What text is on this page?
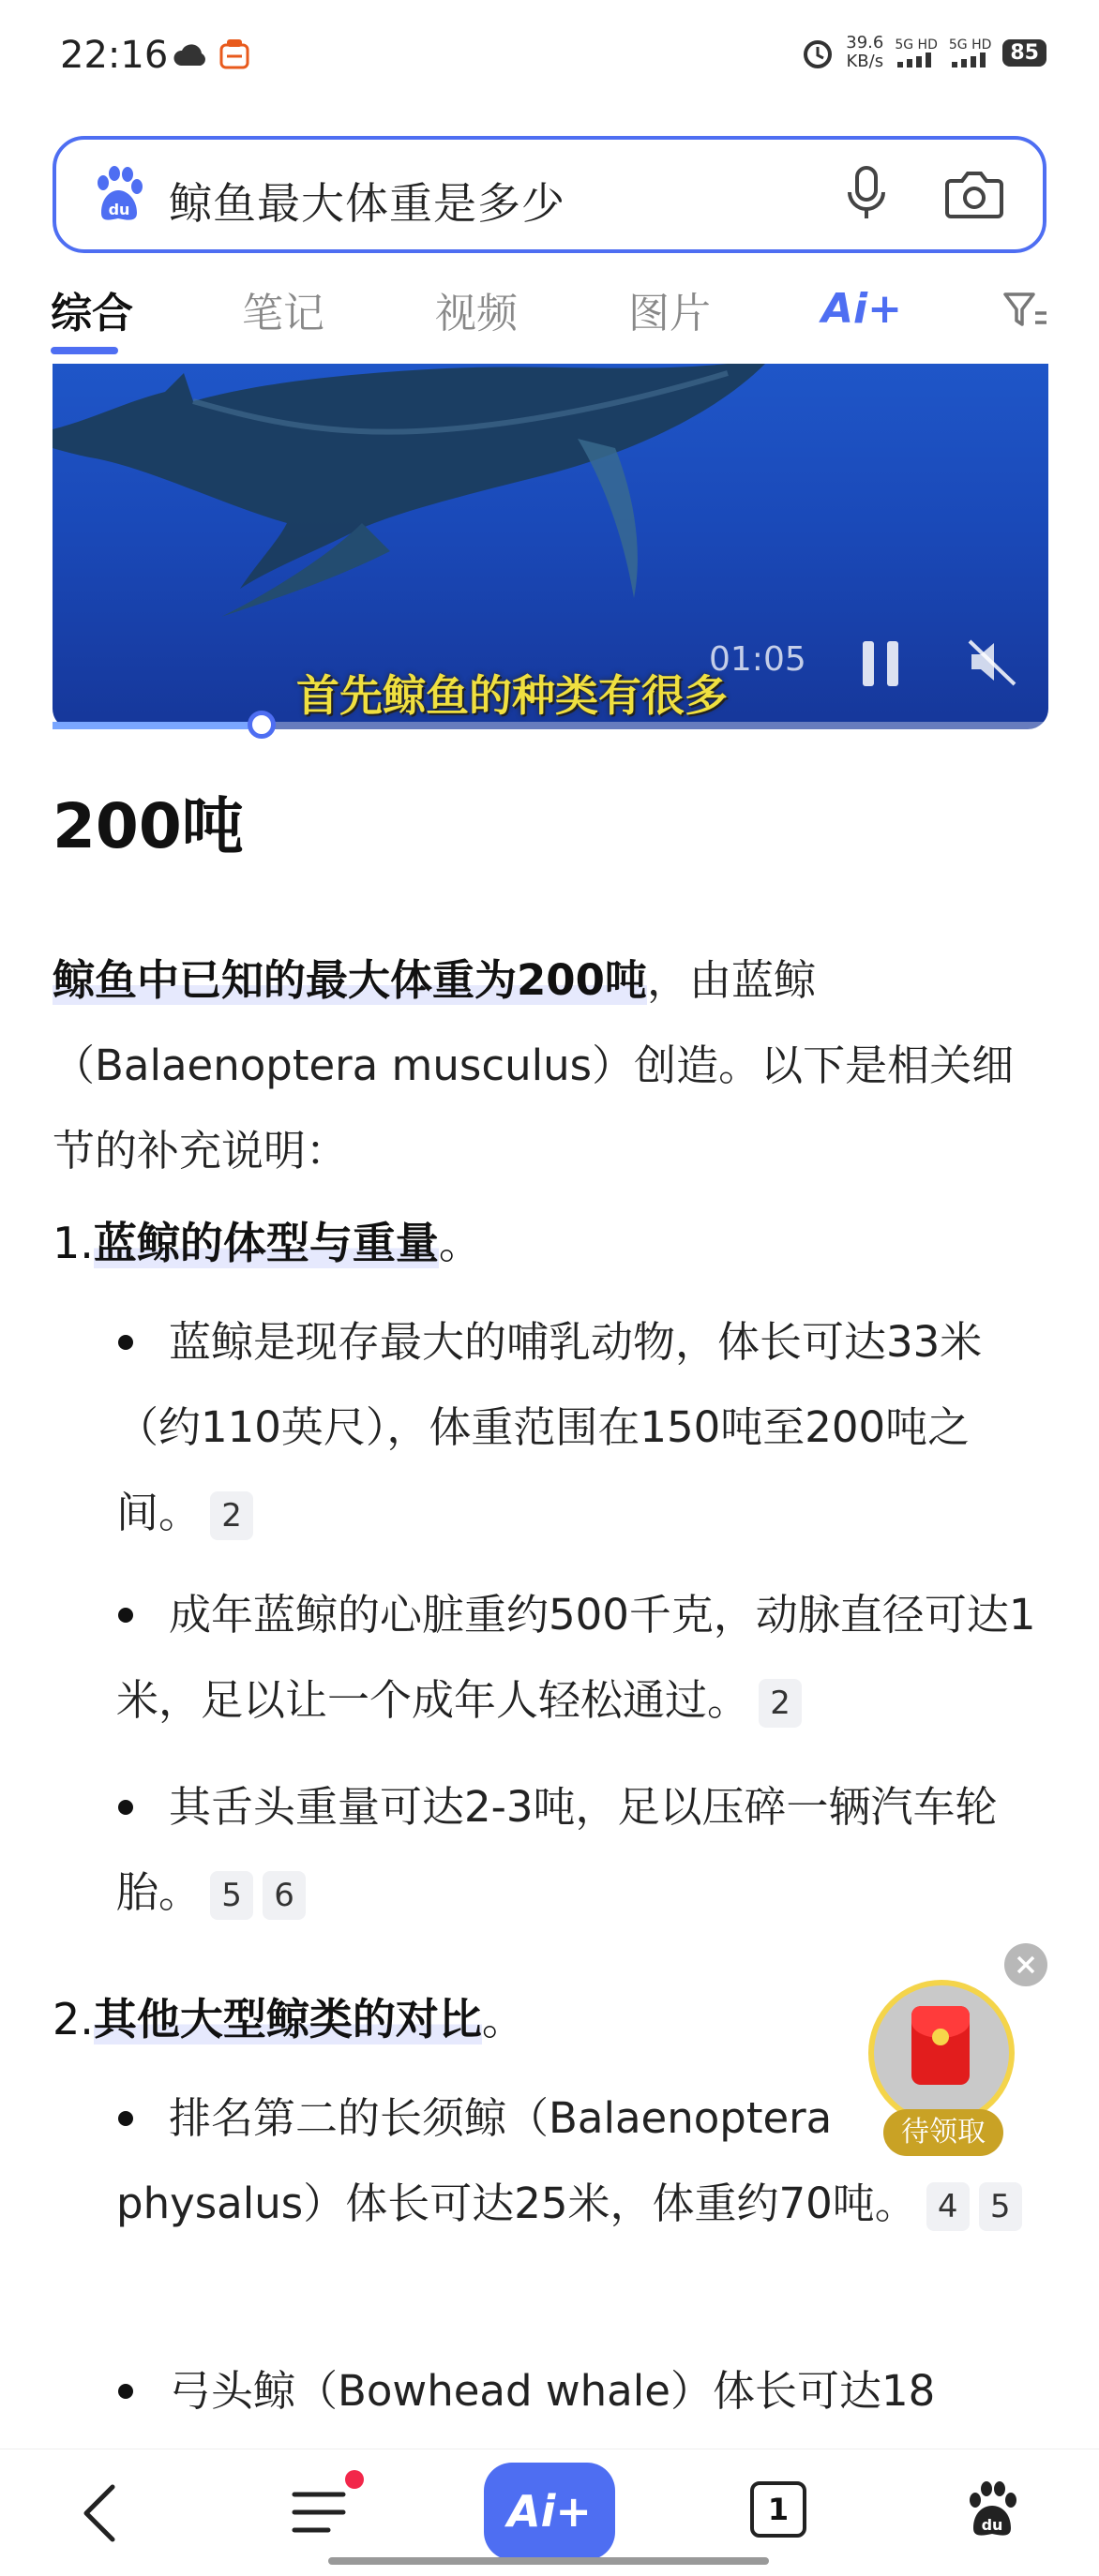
22:16	39.6
KB/s
5G HD 5G HD 85
du 鲸鱼最大体重是多少
综合	笔记	视频	图片	Ai+
01:05
首先鲸鱼的种类有很多
200吨
鲸鱼中已知的最大体重为200吨，由蓝鲸（Balaenoptera musculus）创造。以下是相关细节的补充说明：
1.蓝鲸的体型与重量。
蓝鲸是现存最大的哺乳动物，体长可达33米（约110英尺），体重范围在150吨至200吨之间。 2
成年蓝鲸的心脏重约500千克，动脉直径可达1米，足以让一个成年人轻松通过。 2
其舌头重量可达2-3吨，足以压碎一辆汽车轮胎。 5 6
2.其他大型鲸类的对比。
排名第二的长须鲸（Balaenoptera physalus）体长可达25米，体重约70吨。 4 5
弓头鲸（Bowhead whale）体长可达18
待领取
Ai+	1	du
